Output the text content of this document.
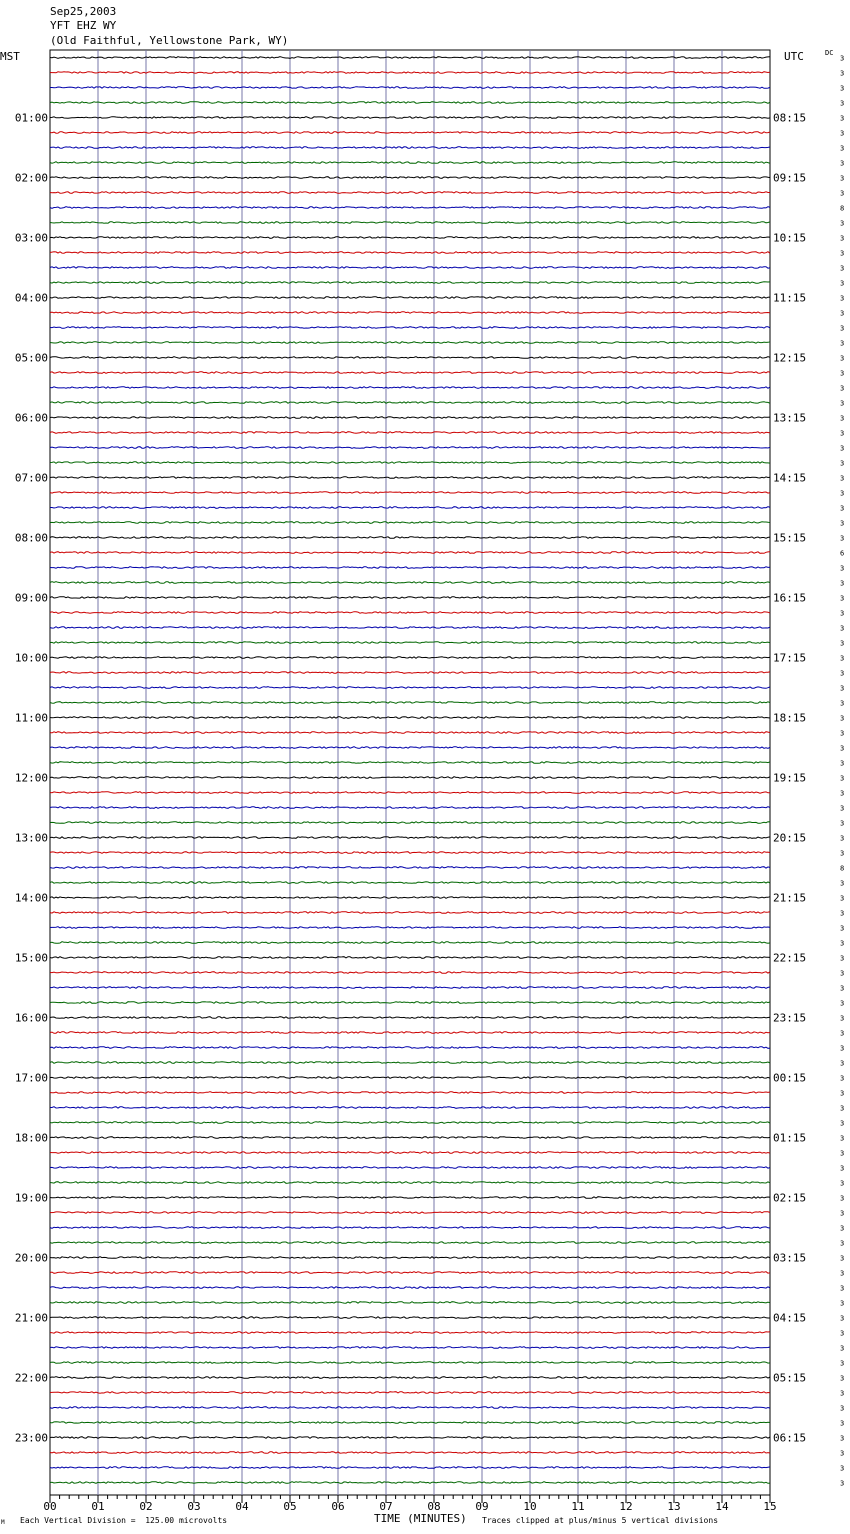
Sep25,2003
YFT EHZ WY
(Old Faithful, Yellowstone Park, WY)
MST	UTC	DC
3
3
3
3
3
3
3
3
3
3
8
3
3
3
3
3
3
3
3
3
3
3
3
3
3
3
3
3
3
3
3
3
3
6
3
3
3
3
3
3
3
3
3
3
3
3
3
3
3
3
3
3
3
3
8
3
3
3
3
3
3
3
3
3
3
3
3
3
3
3
3
3
3
3
3
3
3
3
3
3
3
3
3
3
3
3
3
3
3
3
3
3
3
3
3
3
01:00	08:15
02:00	09:15
03:00	10:15
04:00	11:15
05:00	12:15
06:00	13:15
07:00	14:15
08:00	15:15
09:00	16:15
10:00	17:15
11:00	18:15
12:00	19:15
13:00	20:15
14:00	21:15
15:00	22:15
16:00	23:15
17:00	00:15
18:00	01:15
19:00	02:15
20:00	03:15
21:00	04:15
22:00	05:15
23:00	06:15
00	01	02	03	04	05	06	07	08	09	10	11	12	13	14	15
M Each Vertical Division =  125.00 microvolts	TIME (MINUTES) Traces clipped at plus/minus 5 vertical divisions
